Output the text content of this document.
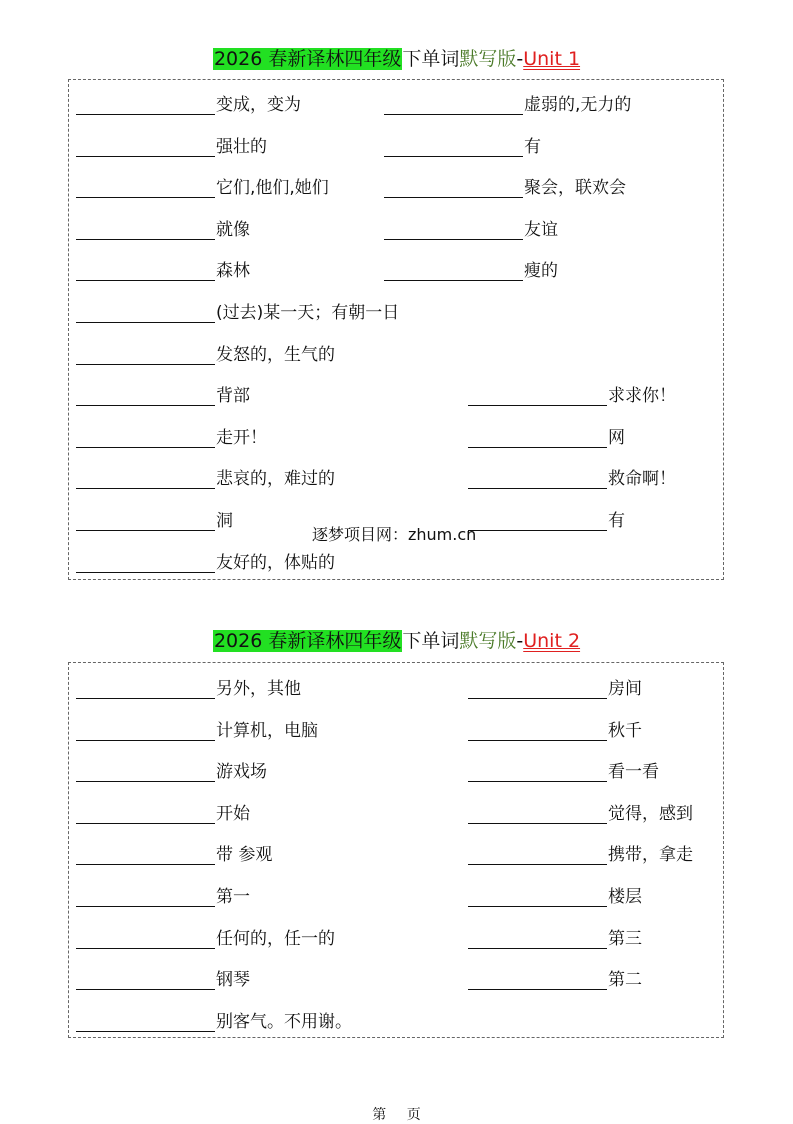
2026 春新译林四年级下单词默写版-Unit 1
逐梦项目网：zhum.cn
2026 春新译林四年级下单词默写版-Unit 2
第 页
变成，变为	虚弱的,无力的
强壮的	有
它们,他们,她们	聚会，联欢会
就像	友谊
森林	瘦的
(过去)某一天；有朝一日
发怒的，生气的
背部	求求你！
走开！	网
悲哀的，难过的	救命啊！
洞	有
友好的，体贴的
另外，其他	房间
计算机，电脑	秋千
游戏场	看一看
开始	觉得，感到
带 参观	携带，拿走
第一	楼层
任何的，任一的	第三
钢琴	第二
别客气。不用谢。
